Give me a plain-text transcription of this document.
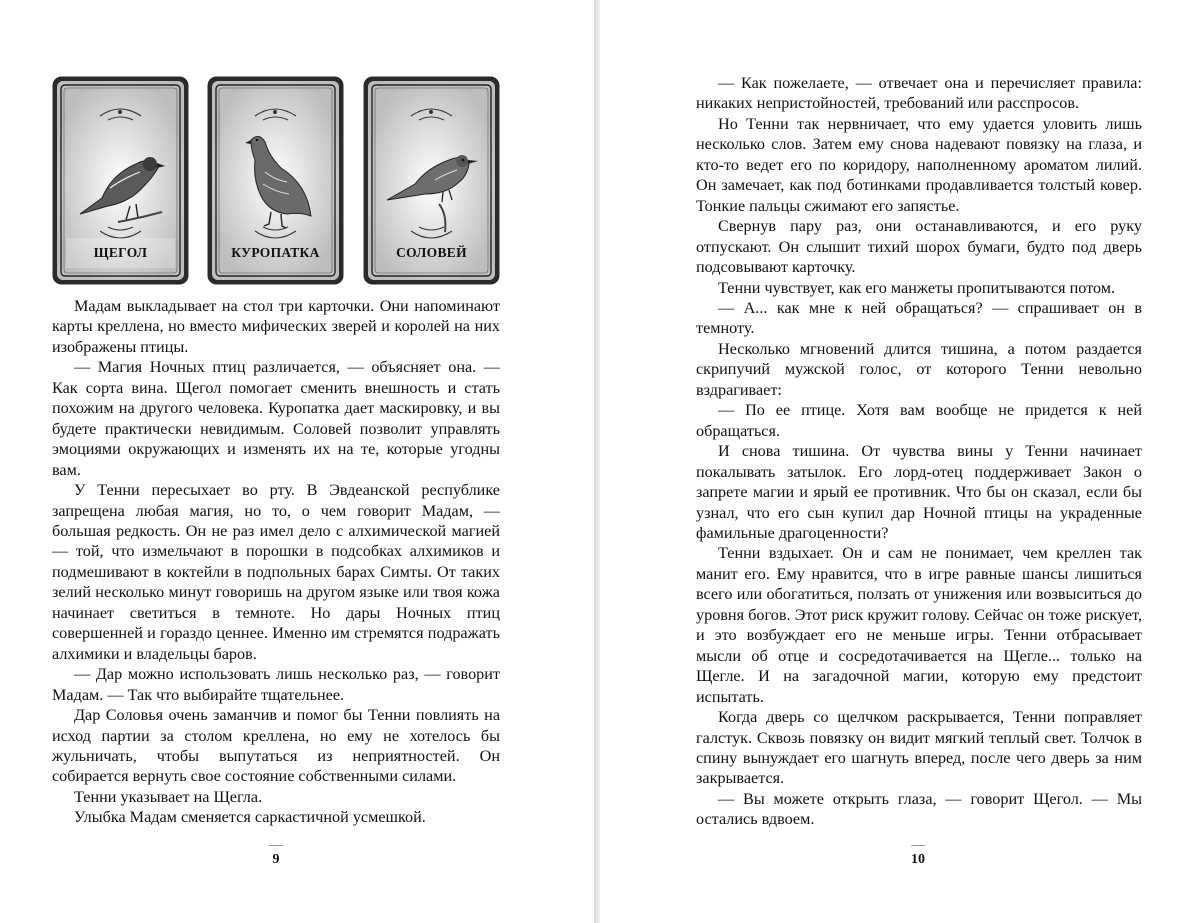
ЩЕГОЛ	КУРОПАТКА	СОЛОВЕЙ

Мадам выкладывает на стол три карточки. Они напоминают карты креллена, но вместо мифических зверей и королей на них изображены птицы.

— Магия Ночных птиц различается, — объясняет она. — Как сорта вина. Щегол помогает сменить внешность и стать похожим на другого человека. Куропатка дает маскировку, и вы будете практически невидимым. Соловей позволит управлять эмоциями окружающих и изменять их на те, которые угодны вам.

У Тенни пересыхает во рту. В Эвдеанской республике запрещена любая магия, но то, о чем говорит Мадам, — большая редкость. Он не раз имел дело с алхимической магией — той, что измельчают в порошки в подсобках алхимиков и подмешивают в коктейли в подпольных барах Симты. От таких зелий несколько минут говоришь на другом языке или твоя кожа начинает светиться в темноте. Но дары Ночных птиц совершенней и гораздо ценнее. Именно им стремятся подражать алхимики и владельцы баров.

— Дар можно использовать лишь несколько раз, — говорит Мадам. — Так что выбирайте тщательнее.

Дар Соловья очень заманчив и помог бы Тенни повлиять на исход партии за столом креллена, но ему не хотелось бы жульничать, чтобы выпутаться из неприятностей. Он собирается вернуть свое состояние собственными силами.

Тенни указывает на Щегла.

Улыбка Мадам сменяется саркастичной усмешкой.

— Как пожелаете, — отвечает она и перечисляет правила: никаких непристойностей, требований или расспросов.

Но Тенни так нервничает, что ему удается уловить лишь несколько слов. Затем ему снова надевают повязку на глаза, и кто-то ведет его по коридору, наполненному ароматом лилий. Он замечает, как под ботинками продавливается толстый ковер. Тонкие пальцы сжимают его запястье.

Свернув пару раз, они останавливаются, и его руку отпускают. Он слышит тихий шорох бумаги, будто под дверь подсовывают карточку.

Тенни чувствует, как его манжеты пропитываются потом.

— А... как мне к ней обращаться? — спрашивает он в темноту.

Несколько мгновений длится тишина, а потом раздается скрипучий мужской голос, от которого Тенни невольно вздрагивает:

— По ее птице. Хотя вам вообще не придется к ней обращаться.

И снова тишина. От чувства вины у Тенни начинает покалывать затылок. Его лорд-отец поддерживает Закон о запрете магии и ярый ее противник. Что бы он сказал, если бы узнал, что его сын купил дар Ночной птицы на украденные фамильные драгоценности?

Тенни вздыхает. Он и сам не понимает, чем креллен так манит его. Ему нравится, что в игре равные шансы лишиться всего или обогатиться, ползать от унижения или возвыситься до уровня богов. Этот риск кружит голову. Сейчас он тоже рискует, и это возбуждает его не меньше игры. Тенни отбрасывает мысли об отце и сосредотачивается на Щегле... только на Щегле. И на загадочной магии, которую ему предстоит испытать.

Когда дверь со щелчком раскрывается, Тенни поправляет галстук. Сквозь повязку он видит мягкий теплый свет. Толчок в спину вынуждает его шагнуть вперед, после чего дверь за ним закрывается.

— Вы можете открыть глаза, — говорит Щегол. — Мы остались вдвоем.

9	10
